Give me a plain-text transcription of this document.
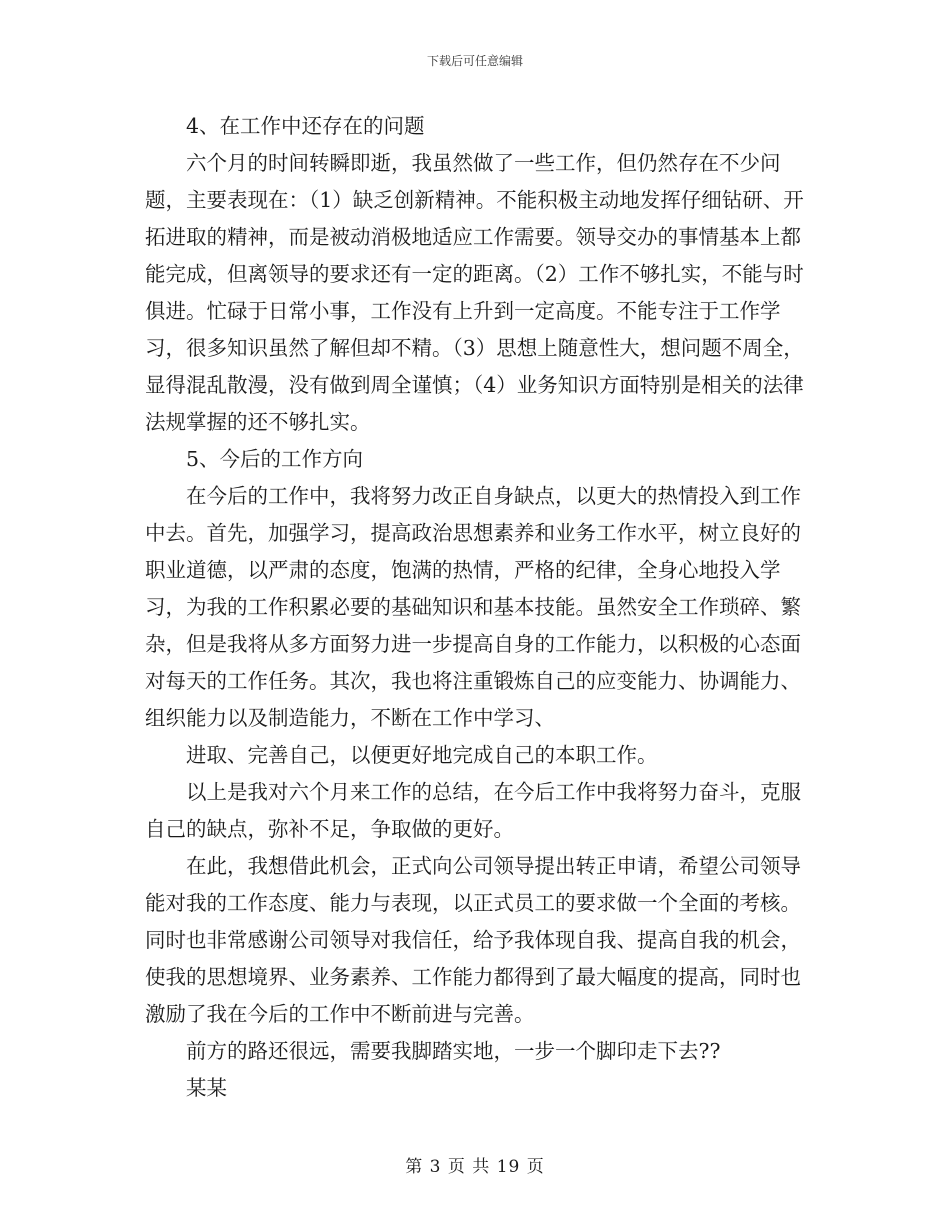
下载后可任意编辑

4、在工作中还存在的问题

六个月的时间转瞬即逝，我虽然做了一些工作，但仍然存在不少问题，主要表现在：（1）缺乏创新精神。不能积极主动地发挥仔细钻研、开拓进取的精神，而是被动消极地适应工作需要。领导交办的事情基本上都能完成，但离领导的要求还有一定的距离。（2）工作不够扎实，不能与时俱进。忙碌于日常小事，工作没有上升到一定高度。不能专注于工作学习，很多知识虽然了解但却不精。（3）思想上随意性大，想问题不周全，显得混乱散漫，没有做到周全谨慎；（4）业务知识方面特别是相关的法律法规掌握的还不够扎实。

5、今后的工作方向

在今后的工作中，我将努力改正自身缺点，以更大的热情投入到工作中去。首先，加强学习，提高政治思想素养和业务工作水平，树立良好的职业道德，以严肃的态度，饱满的热情，严格的纪律，全身心地投入学习，为我的工作积累必要的基础知识和基本技能。虽然安全工作琐碎、繁杂，但是我将从多方面努力进一步提高自身的工作能力，以积极的心态面对每天的工作任务。其次，我也将注重锻炼自己的应变能力、协调能力、组织能力以及制造能力，不断在工作中学习、

进取、完善自己，以便更好地完成自己的本职工作。

以上是我对六个月来工作的总结，在今后工作中我将努力奋斗，克服自己的缺点，弥补不足，争取做的更好。

在此，我想借此机会，正式向公司领导提出转正申请，希望公司领导能对我的工作态度、能力与表现，以正式员工的要求做一个全面的考核。同时也非常感谢公司领导对我信任，给予我体现自我、提高自我的机会，使我的思想境界、业务素养、工作能力都得到了最大幅度的提高，同时也激励了我在今后的工作中不断前进与完善。

前方的路还很远，需要我脚踏实地，一步一个脚印走下去??

某某

第 3 页 共 19 页
